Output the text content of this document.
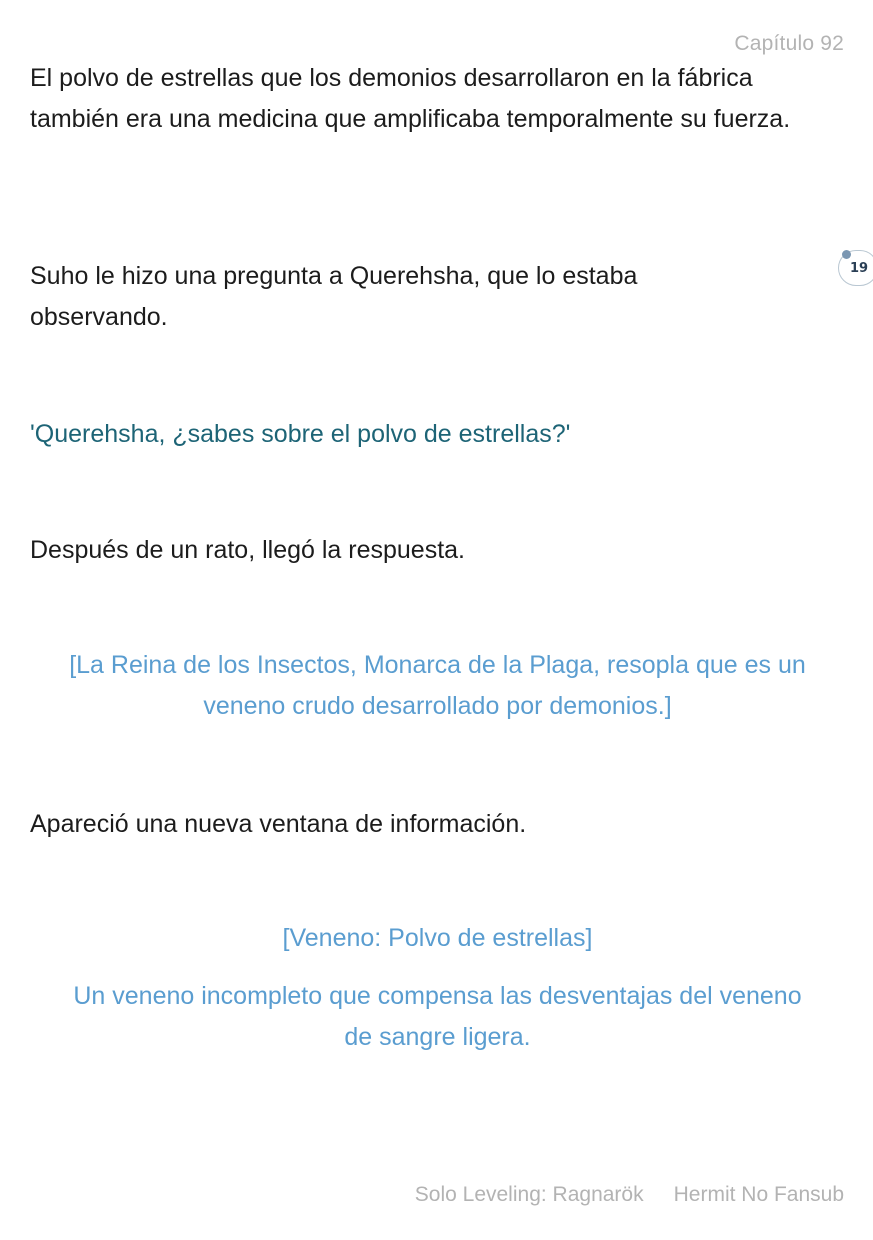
Capítulo 92

El polvo de estrellas que los demonios desarrollaron en la fábrica también era una medicina que amplificaba temporalmente su fuerza.

Suho le hizo una pregunta a Querehsha, que lo estaba observando.

'Querehsha, ¿sabes sobre el polvo de estrellas?'

Después de un rato, llegó la respuesta.

[La Reina de los Insectos, Monarca de la Plaga, resopla que es un veneno crudo desarrollado por demonios.]

Apareció una nueva ventana de información.

[Veneno: Polvo de estrellas]

Un veneno incompleto que compensa las desventajas del veneno de sangre ligera.

19
Solo Leveling: Ragnarök Hermit No Fansub
